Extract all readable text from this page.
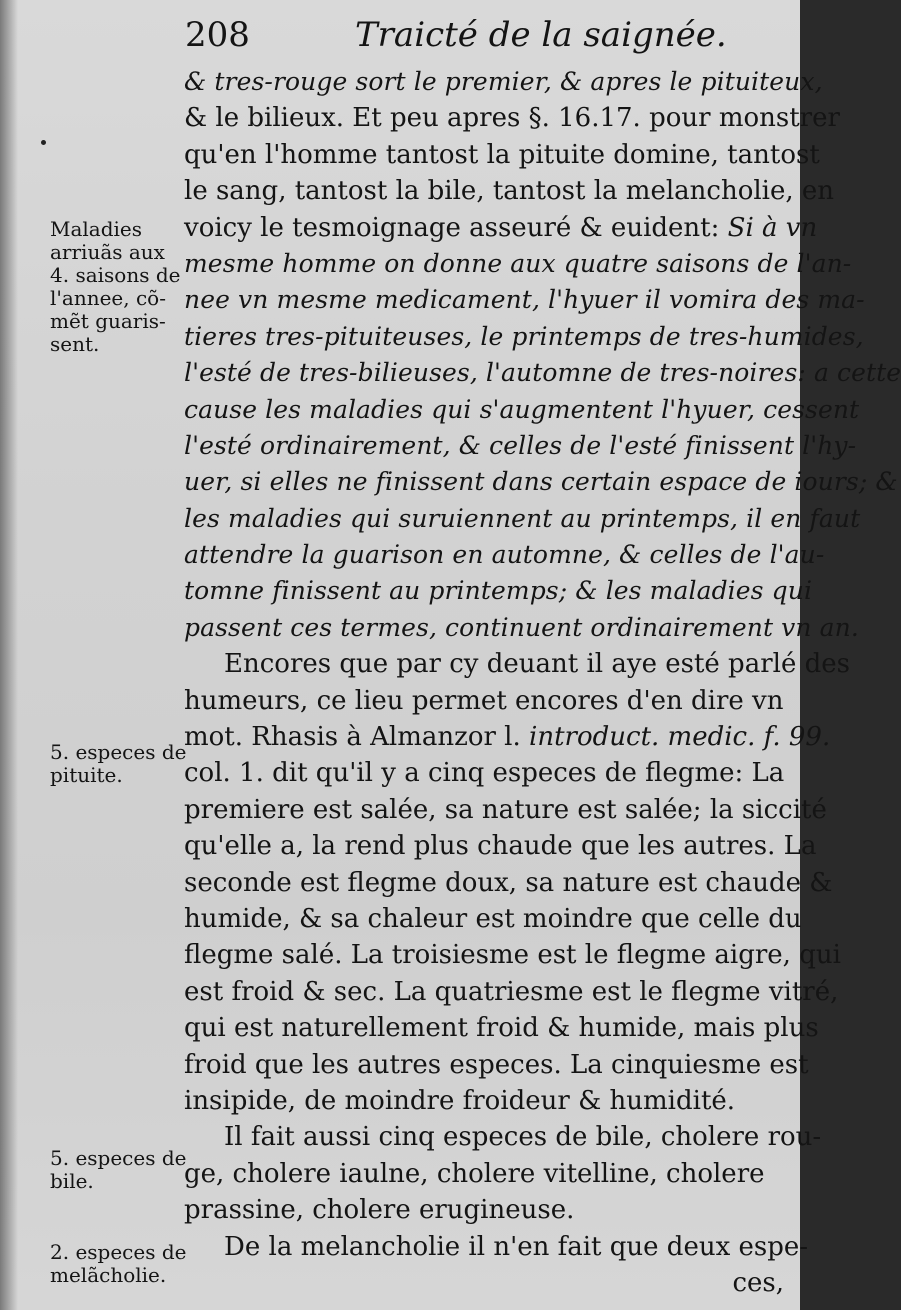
208	Traicté de la saignée.
& tres-rouge sort le premier, & apres le pituiteux,
& le bilieux. Et peu apres §. 16.17. pour monstrer
qu'en l'homme tantost la pituite domine, tantost
le sang, tantost la bile, tantost la melancholie, en
voicy le tesmoignage asseuré & euident: Si à vn
mesme homme on donne aux quatre saisons de l'an-
nee vn mesme medicament, l'hyuer il vomira des ma-
tieres tres-pituiteuses, le printemps de tres-humides,
l'esté de tres-bilieuses, l'automne de tres-noires: a cette
cause les maladies qui s'augmentent l'hyuer, cessent
l'esté ordinairement, & celles de l'esté finissent l'hy-
uer, si elles ne finissent dans certain espace de iours; &
les maladies qui suruiennent au printemps, il en faut
attendre la guarison en automne, & celles de l'au-
tomne finissent au printemps; & les maladies qui
passent ces termes, continuent ordinairement vn an.
Encores que par cy deuant il aye esté parlé des
humeurs, ce lieu permet encores d'en dire vn
mot. Rhasis à Almanzor l. introduct. medic. f. 99.
col. 1. dit qu'il y a cinq especes de flegme: La
premiere est salée, sa nature est salée; la siccité
qu'elle a, la rend plus chaude que les autres. La
seconde est flegme doux, sa nature est chaude &
humide, & sa chaleur est moindre que celle du
flegme salé. La troisiesme est le flegme aigre, qui
est froid & sec. La quatriesme est le flegme vitré,
qui est naturellement froid & humide, mais plus
froid que les autres especes. La cinquiesme est
insipide, de moindre froideur & humidité.
Il fait aussi cinq especes de bile, cholere rou-
ge, cholere iaulne, cholere vitelline, cholere
prassine, cholere erugineuse.
De la melancholie il n'en fait que deux espe-
ces,
Maladies
arriuãs aux
4. saisons de
l'annee, cõ-
mẽt guaris-
sent.
5. especes de
pituite.
5. especes de
bile.
2. especes de
melãcholie.
